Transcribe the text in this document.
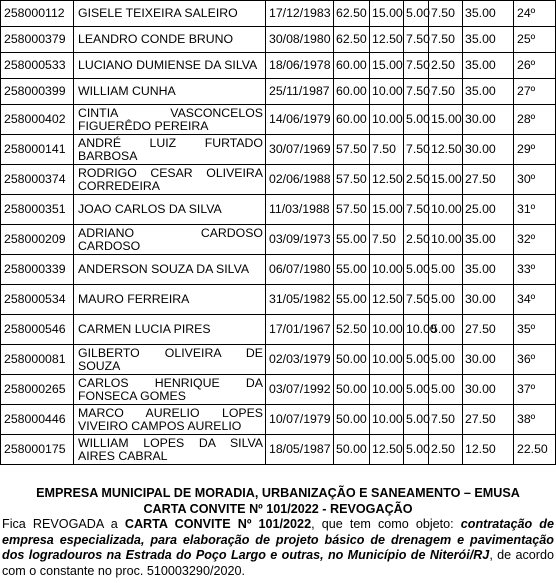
258000112	GISELE TEIXEIRA SALEIRO	17/12/1983	62.50	15.00	5.00	7.50	35.00	24º	
258000379	LEANDRO CONDE BRUNO	30/08/1980	62.50	12.50	7.50	7.50	35.00	25º	
258000533	LUCIANO DUMIENSE DA SILVA	18/06/1978	60.00	15.00	7.50	2.50	35.00	26º	
258000399	WILLIAM CUNHA	25/11/1987	60.00	10.00	7.50	7.50	35.00	27º	
258000402	CINTIA VASCONCELOS FIGUERÊDO PEREIRA	14/06/1979	60.00	10.00	5.00	15.00	30.00	28º	
258000141	ANDRÉ LUIZ FURTADO BARBOSA	30/07/1969	57.50	7.50	7.50	12.50	30.00	29º	
258000374	RODRIGO CESAR OLIVEIRA CORREDEIRA	02/06/1988	57.50	12.50	2.50	15.00	27.50	30º	
258000351	JOAO CARLOS DA SILVA	11/03/1988	57.50	15.00	7.50	10.00	25.00	31º	
258000209	ADRIANO CARDOSO CARDOSO	03/09/1973	55.00	7.50	2.50	10.00	35.00	32º	
258000339	ANDERSON SOUZA DA SILVA	06/07/1980	55.00	10.00	5.00	5.00	35.00	33º	
258000534	MAURO FERREIRA	31/05/1982	55.00	12.50	7.50	5.00	30.00	34º	
258000546	CARMEN LUCIA PIRES	17/01/1967	52.50	10.00	10.00	5.00	27.50	35º	
258000081	GILBERTO OLIVEIRA DE SOUZA	02/03/1979	50.00	10.00	5.00	5.00	30.00	36º	
258000265	CARLOS HENRIQUE DA FONSECA GOMES	03/07/1992	50.00	10.00	5.00	5.00	30.00	37º	
258000446	MARCO AURELIO LOPES VIVEIRO CAMPOS AURELIO	10/07/1979	50.00	10.00	5.00	7.50	27.50	38º	
258000175	WILLIAM LOPES DA SILVA AIRES CABRAL	18/05/1987	50.00	12.50	5.00	2.50	12.50	22.50	

EMPRESA MUNICIPAL DE MORADIA, URBANIZAÇÃO E SANEAMENTO – EMUSA

CARTA CONVITE Nº 101/2022 - REVOGAÇÃO

Fica REVOGADA a CARTA CONVITE Nº 101/2022, que tem como objeto: contratação de empresa especializada, para elaboração de projeto básico de drenagem e pavimentação dos logradouros na Estrada do Poço Largo e outras, no Município de Niterói/RJ, de acordo com o constante no proc. 510003290/2020.
